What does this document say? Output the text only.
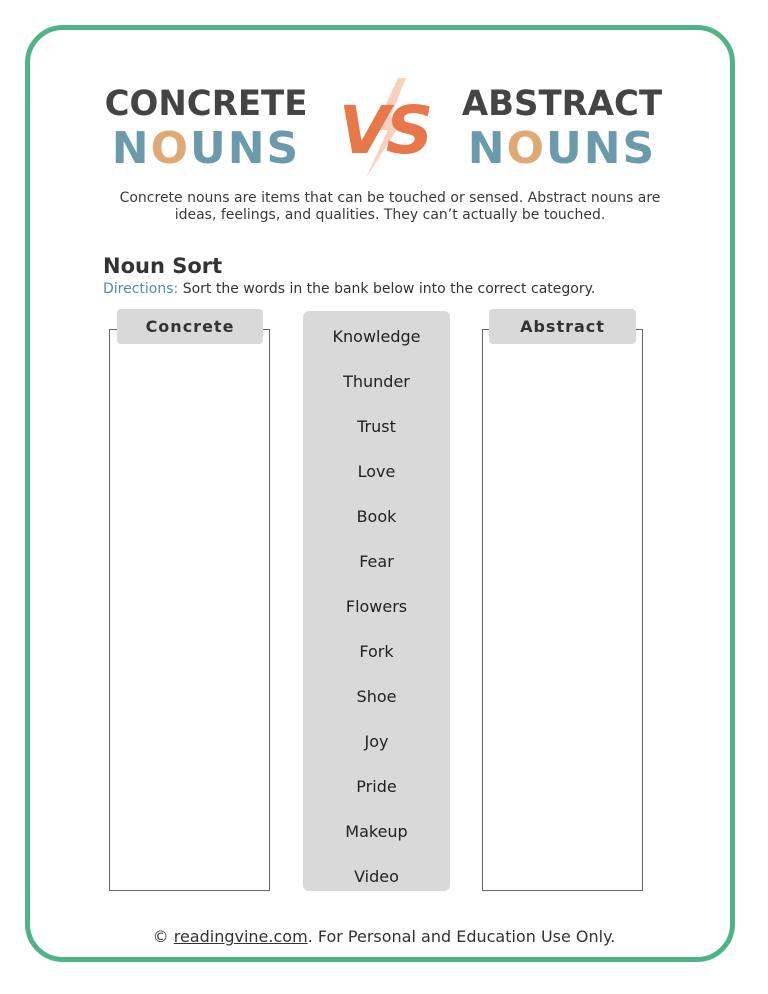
CONCRETE
NOUNS VS ABSTRACT
NOUNS
Concrete nouns are items that can be touched or sensed. Abstract nouns are
ideas, feelings, and qualities. They can’t actually be touched.
Noun Sort
Directions: Sort the words in the bank below into the correct category.
Concrete
Knowledge
Thunder
Trust
Love
Book
Fear
Flowers
Fork
Shoe
Joy
Pride
Makeup
Video
Abstract
© readingvine.com. For Personal and Education Use Only.
